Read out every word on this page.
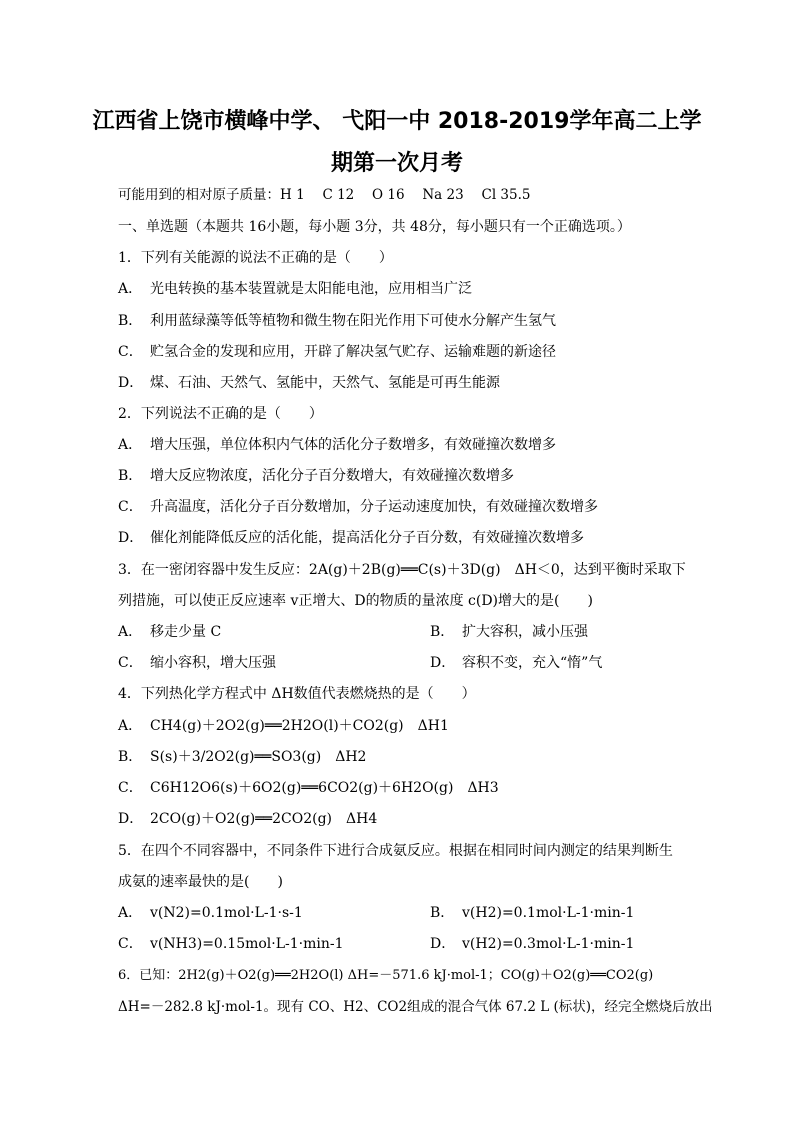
江西省上饶市横峰中学、 弋阳一中 2018-2019学年高二上学
期第一次月考
可能用到的相对原子质量：H 1　 C 12　 O 16　 Na 23　 Cl 35.5
一、单选题（本题共 16小题，每小题 3分，共 48分，每小题只有一个正确选项。）
1．下列有关能源的说法不正确的是（　　）
A． 光电转换的基本装置就是太阳能电池，应用相当广泛
B． 利用蓝绿藻等低等植物和微生物在阳光作用下可使水分解产生氢气
C． 贮氢合金的发现和应用，开辟了解决氢气贮存、运输难题的新途径
D． 煤、石油、天然气、氢能中，天然气、氢能是可再生能源
2．下列说法不正确的是（　　）
A． 增大压强，单位体积内气体的活化分子数增多，有效碰撞次数增多
B． 增大反应物浓度，活化分子百分数增大，有效碰撞次数增多
C． 升高温度，活化分子百分数增加，分子运动速度加快，有效碰撞次数增多
D． 催化剂能降低反应的活化能，提高活化分子百分数，有效碰撞次数增多
3．在一密闭容器中发生反应：2A(g)＋2B(g)══C(s)＋3D(g)　ΔH＜0，达到平衡时采取下
列措施，可以使正反应速率 v正增大、D的物质的量浓度 c(D)增大的是(　　)
A． 移走少量 C	B． 扩大容积，减小压强
C． 缩小容积，增大压强	D． 容积不变，充入“惰”气
4．下列热化学方程式中 ΔH数值代表燃烧热的是（　　）
A． CH4(g)＋2O2(g)══2H2O(l)＋CO2(g)　ΔH1
B． S(s)＋3/2O2(g)══SO3(g)　ΔH2
C． C6H12O6(s)＋6O2(g)══6CO2(g)＋6H2O(g)　ΔH3
D． 2CO(g)＋O2(g)══2CO2(g)　ΔH4
5．在四个不同容器中，不同条件下进行合成氨反应。根据在相同时间内测定的结果判断生
成氨的速率最快的是(　　)
A． v(N2)=0.1mol·L-1·s-1	B． v(H2)=0.1mol·L-1·min-1
C． v(NH3)=0.15mol·L-1·min-1	D． v(H2)=0.3mol·L-1·min-1
6．已知：2H2(g)＋O2(g)══2H2O(l) ΔH=－571.6 kJ·mol-1；CO(g)＋O2(g)══CO2(g)
ΔH=－282.8 kJ·mol-1。现有 CO、H2、CO2组成的混合气体 67.2 L (标状)，经完全燃烧后放出
